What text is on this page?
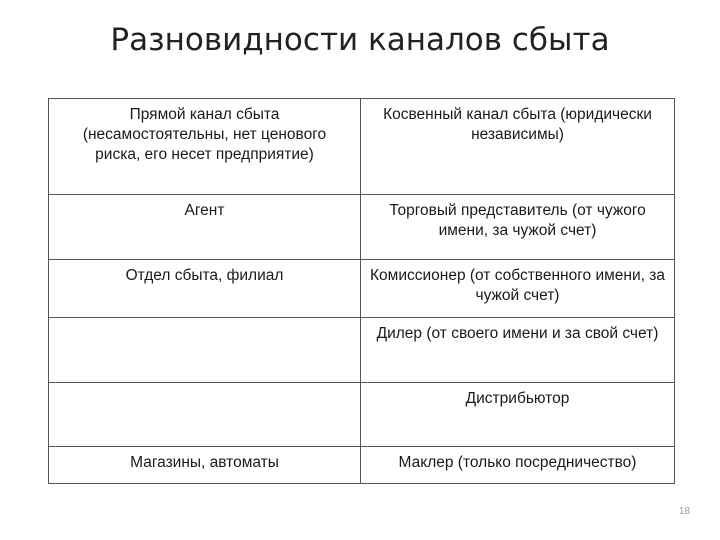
Разновидности каналов сбыта
Прямой канал сбыта (несамостоятельны, нет ценового риска, его несет предприятие)	Косвенный канал сбыта (юридически независимы)
Агент	Торговый представитель (от чужого имени, за чужой счет)
Отдел сбыта, филиал	Комиссионер (от собственного имени, за чужой счет)
	Дилер (от своего имени и за свой счет)
	Дистрибьютор
Магазины, автоматы	Маклер (только посредничество)
18
